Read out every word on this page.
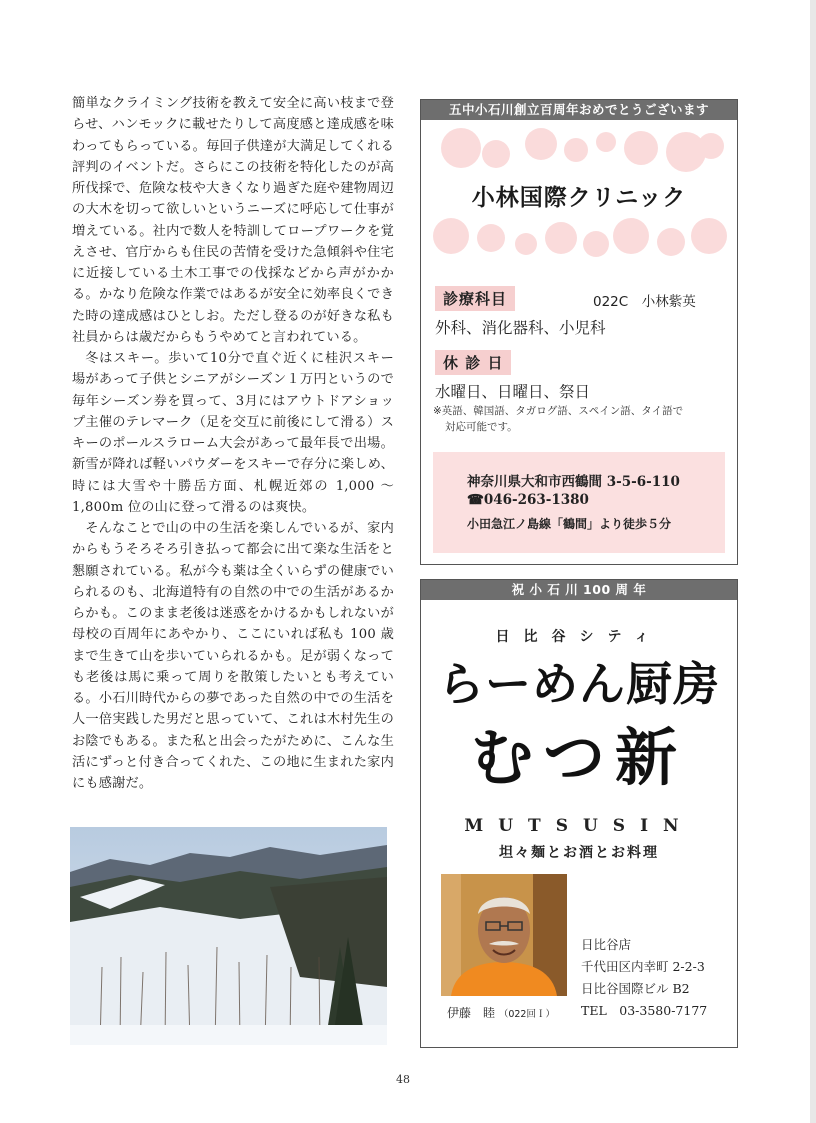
簡単なクライミング技術を教えて安全に高い枝まで登らせ、ハンモックに載せたりして高度感と達成感を味わってもらっている。毎回子供達が大満足してくれる評判のイベントだ。さらにこの技術を特化したのが高所伐採で、危険な枝や大きくなり過ぎた庭や建物周辺の大木を切って欲しいというニーズに呼応して仕事が増えている。社内で数人を特訓してロープワークを覚えさせ、官庁からも住民の苦情を受けた急傾斜や住宅に近接している土木工事での伐採などから声がかかる。かなり危険な作業ではあるが安全に効率良くできた時の達成感はひとしお。ただし登るのが好きな私も社員からは歳だからもうやめてと言われている。

冬はスキー。歩いて10分で直ぐ近くに桂沢スキー場があって子供とシニアがシーズン１万円というので毎年シーズン券を買って、3月にはアウトドアショップ主催のテレマーク（足を交互に前後にして滑る）スキーのポールスラローム大会があって最年長で出場。新雪が降れば軽いパウダーをスキーで存分に楽しめ、時には大雪や十勝岳方面、札幌近郊の 1,000 ～ 1,800m 位の山に登って滑るのは爽快。

そんなことで山の中の生活を楽しんでいるが、家内からもうそろそろ引き払って都会に出て楽な生活をと懇願されている。私が今も薬は全くいらずの健康でいられるのも、北海道特有の自然の中での生活があるからかも。このまま老後は迷惑をかけるかもしれないが母校の百周年にあやかり、ここにいれば私も 100 歳まで生きて山を歩いていられるかも。足が弱くなっても老後は馬に乗って周りを散策したいとも考えている。小石川時代からの夢であった自然の中での生活を人一倍実践した男だと思っていて、これは木村先生のお陰でもある。また私と出会ったがために、こんな生活にずっと付き合ってくれた、この地に生まれた家内にも感謝だ。

48
五中小石川創立百周年おめでとうございます
小林国際クリニック
診療科目	022C　小林紫英
外科、消化器科、小児科
休 診 日
水曜日、日曜日、祭日
※英語、韓国語、タガログ語、スペイン語、タイ語で
対応可能です。
神奈川県大和市西鶴間 3-5-6-110
☎046-263-1380
小田急江ノ島線「鶴間」より徒歩５分
祝 小 石 川 100 周 年
日比谷シティ
らーめん厨房
むつ新
MUTSUSIN
坦々麺とお酒とお料理
伊藤　睦 （022回Ｉ）
日比谷店
千代田区内幸町 2-2-3
日比谷国際ビル B2
TEL　03-3580-7177
